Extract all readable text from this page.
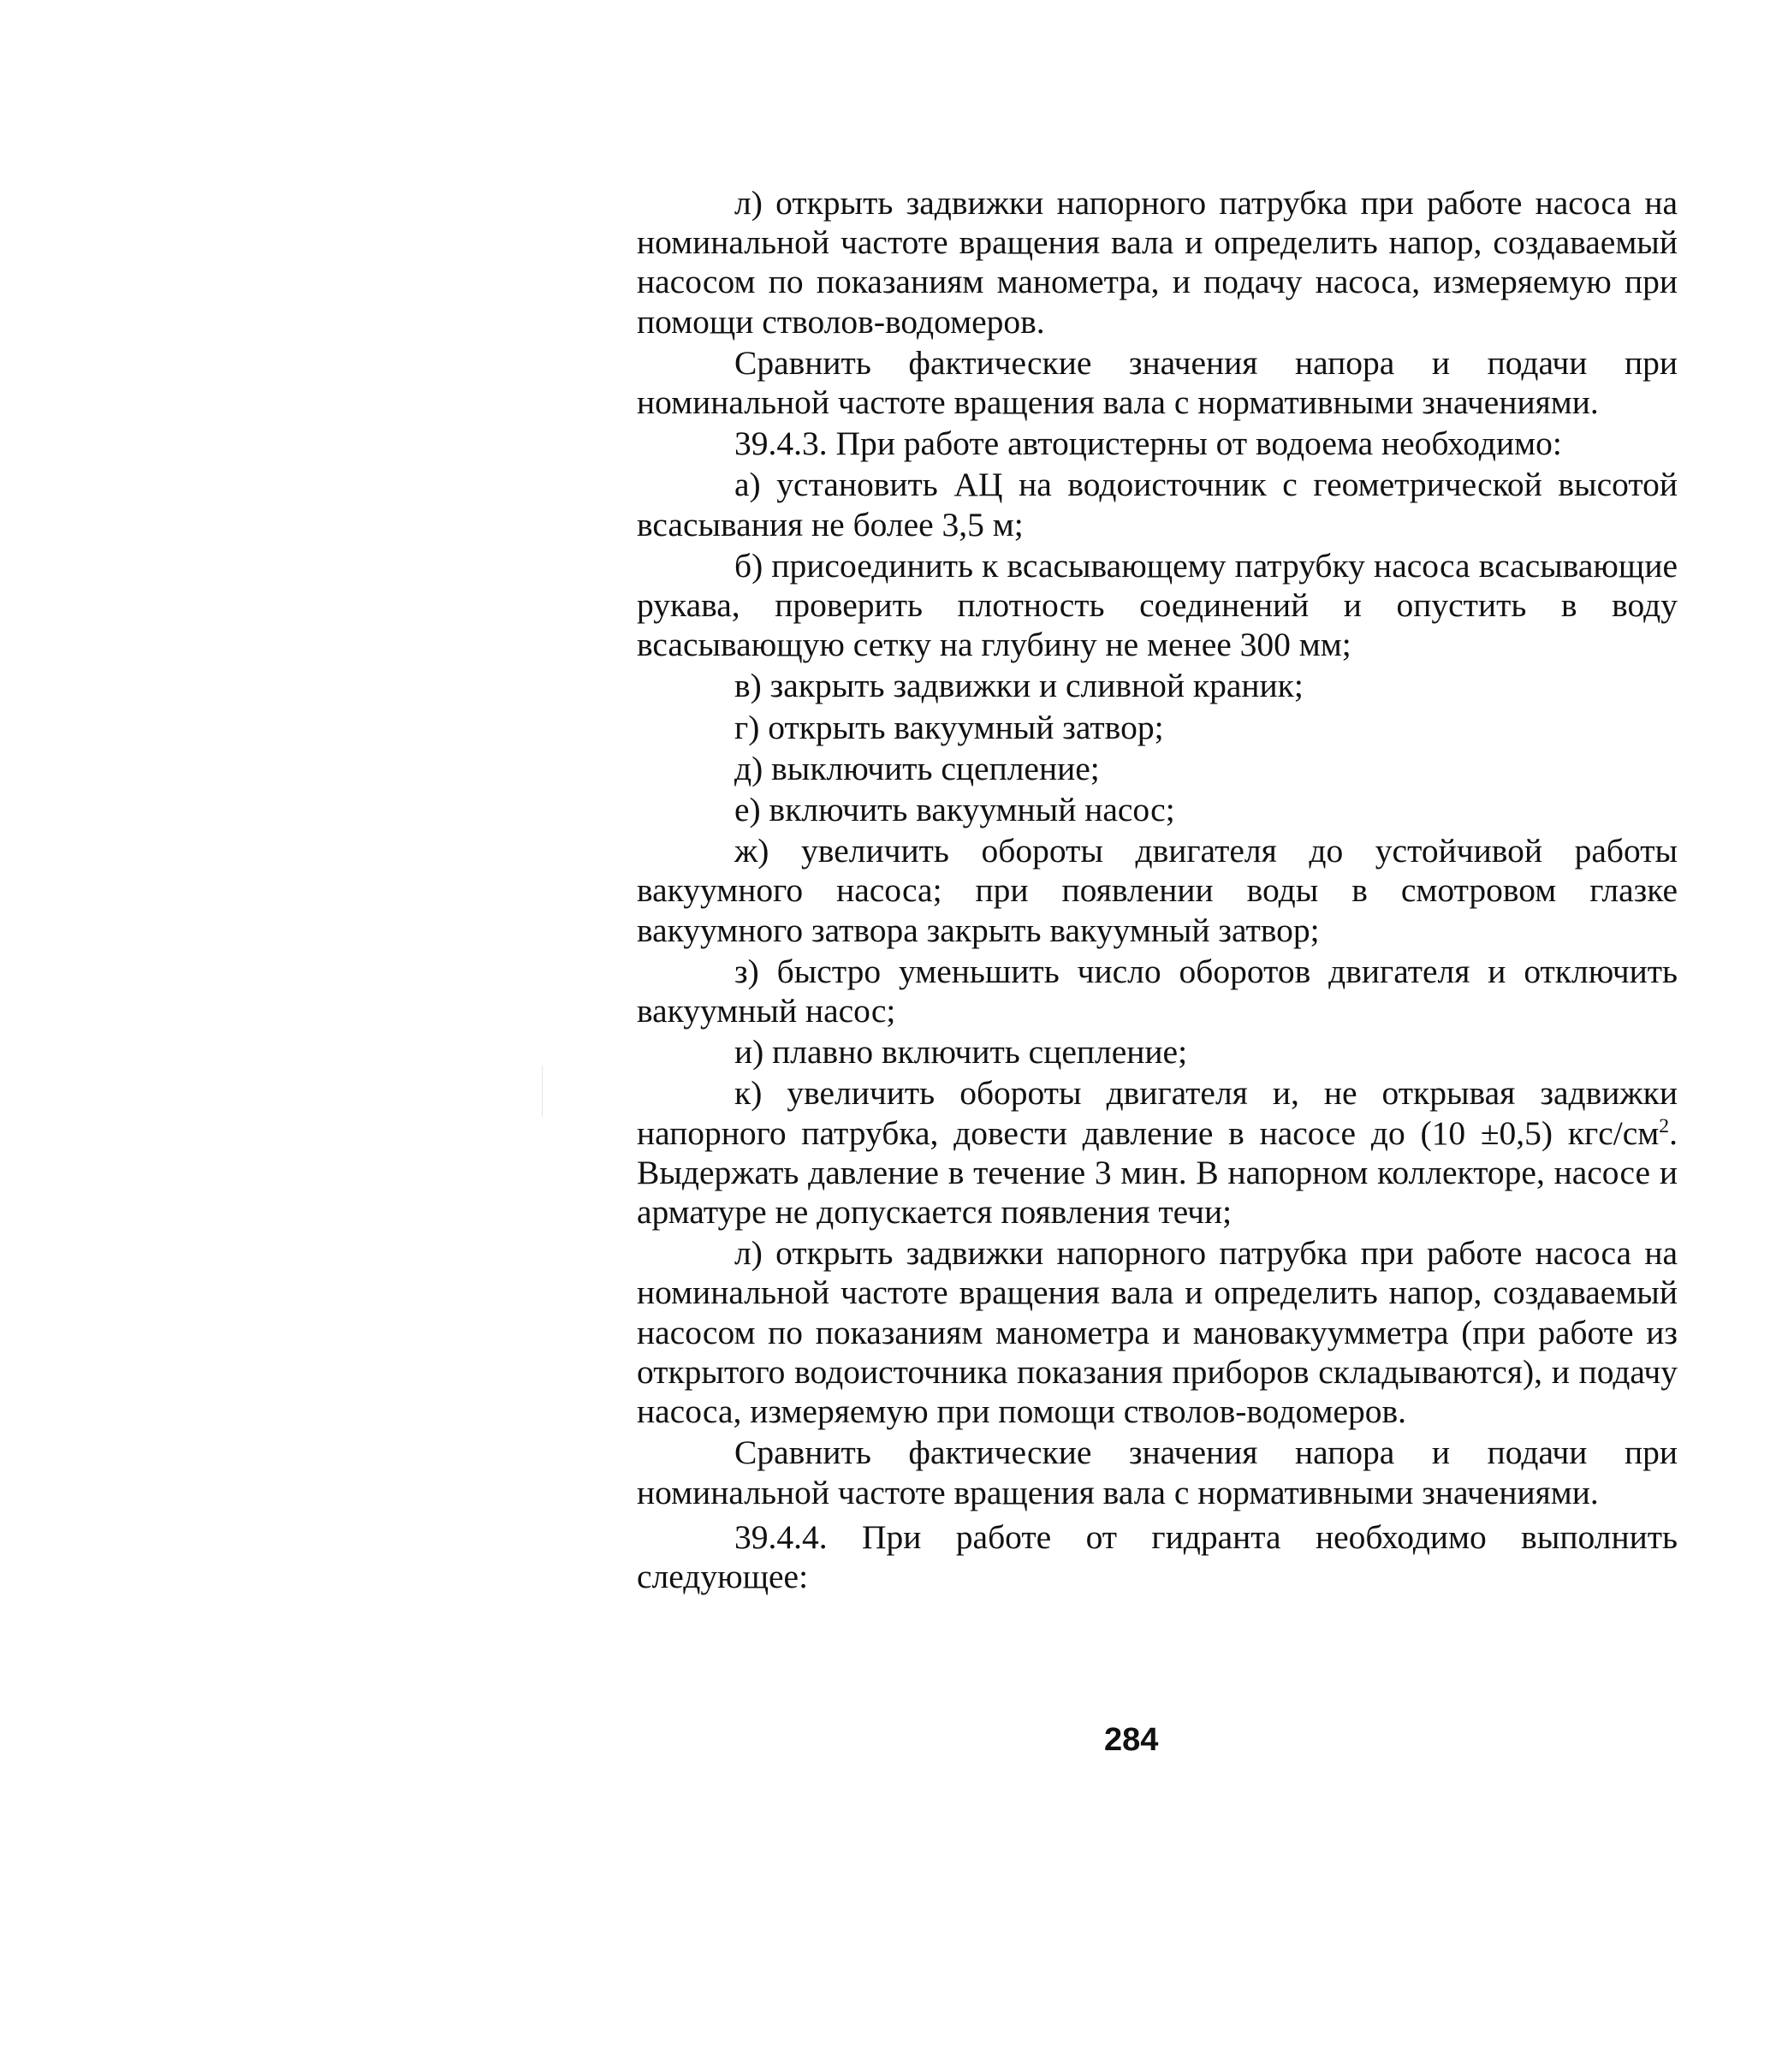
л) открыть задвижки напорного патрубка при работе насоса на номинальной частоте вращения вала и определить напор, создаваемый насосом по показаниям манометра, и подачу насоса, измеряемую при помощи стволов-водомеров.

Сравнить фактические значения напора и подачи при номинальной частоте вращения вала с нормативными значениями.

39.4.3. При работе автоцистерны от водоема необходимо:

а) установить АЦ на водоисточник с геометрической высотой всасывания не более 3,5 м;

б) присоединить к всасывающему патрубку насоса всасывающие рукава, проверить плотность соединений и опустить в воду всасывающую сетку на глубину не менее 300 мм;

в) закрыть задвижки и сливной краник;

г) открыть вакуумный затвор;

д) выключить сцепление;

е) включить вакуумный насос;

ж) увеличить обороты двигателя до устойчивой работы вакуумного насоса; при появлении воды в смотровом глазке вакуумного затвора закрыть вакуумный затвор;

з) быстро уменьшить число оборотов двигателя и отключить вакуумный насос;

и) плавно включить сцепление;

к) увеличить обороты двигателя и, не открывая задвижки напорного патрубка, довести давление в насосе до (10 ±0,5) кгс/$см^2$. Выдержать давление в течение 3 мин. В напорном коллекторе, насосе и арматуре не допускается появления течи;

л) открыть задвижки напорного патрубка при работе насоса на номинальной частоте вращения вала и определить напор, создаваемый насосом по показаниям манометра и мановакуумметра (при работе из открытого водоисточника показания приборов складываются), и подачу насоса, измеряемую при помощи стволов-водомеров.

Сравнить фактические значения напора и подачи при номинальной частоте вращения вала с нормативными значениями.

39.4.4. При работе от гидранта необходимо выполнить следующее:

284
